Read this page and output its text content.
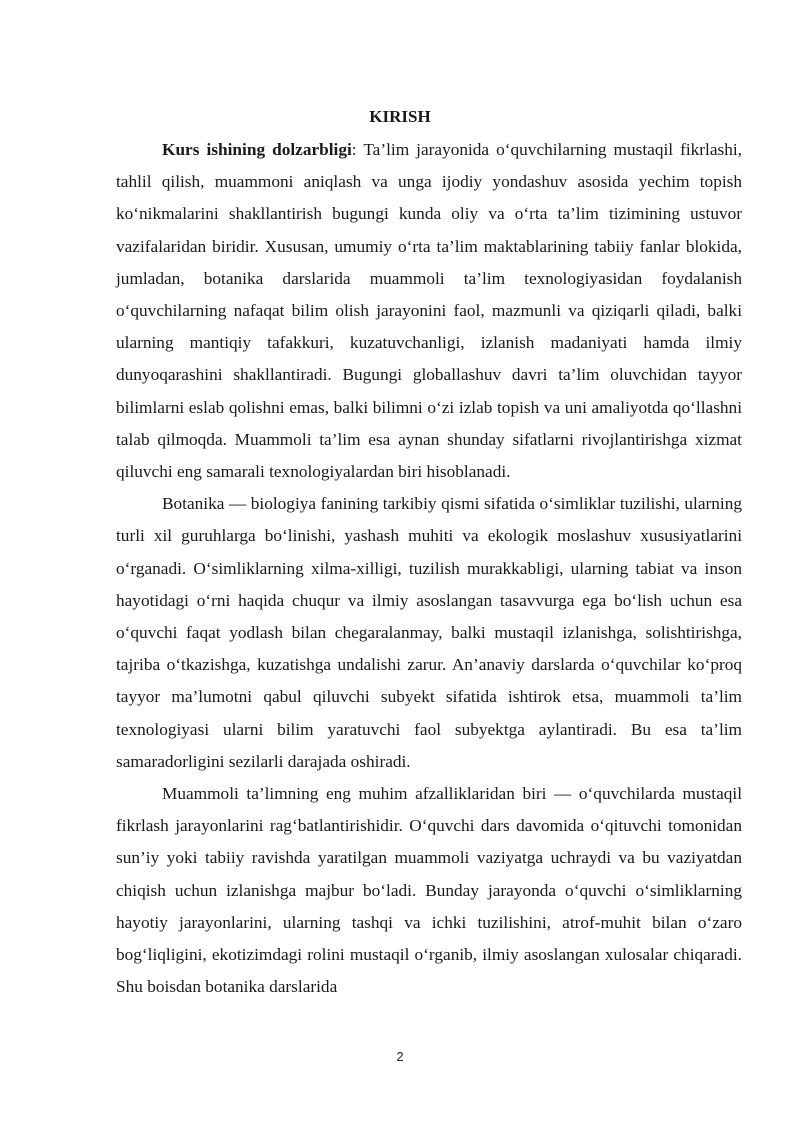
KIRISH

Kurs ishining dolzarbligi: Ta’lim jarayonida o‘quvchilarning mustaqil fikrlashi, tahlil qilish, muammoni aniqlash va unga ijodiy yondashuv asosida yechim topish ko‘nikmalarini shakllantirish bugungi kunda oliy va o‘rta ta’lim tizimining ustuvor vazifalaridan biridir. Xususan, umumiy o‘rta ta’lim maktablarining tabiiy fanlar blokida, jumladan, botanika darslarida muammoli ta’lim texnologiyasidan foydalanish o‘quvchilarning nafaqat bilim olish jarayonini faol, mazmunli va qiziqarli qiladi, balki ularning mantiqiy tafakkuri, kuzatuvchanligi, izlanish madaniyati hamda ilmiy dunyoqarashini shakllantiradi. Bugungi globallashuv davri ta’lim oluvchidan tayyor bilimlarni eslab qolishni emas, balki bilimni o‘zi izlab topish va uni amaliyotda qo‘llashni talab qilmoqda. Muammoli ta’lim esa aynan shunday sifatlarni rivojlantirishga xizmat qiluvchi eng samarali texnologiyalardan biri hisoblanadi.

Botanika — biologiya fanining tarkibiy qismi sifatida o‘simliklar tuzilishi, ularning turli xil guruhlarga bo‘linishi, yashash muhiti va ekologik moslashuv xususiyatlarini o‘rganadi. O‘simliklarning xilma-xilligi, tuzilish murakkabligi, ularning tabiat va inson hayotidagi o‘rni haqida chuqur va ilmiy asoslangan tasavvurga ega bo‘lish uchun esa o‘quvchi faqat yodlash bilan chegaralanmay, balki mustaqil izlanishga, solishtirishga, tajriba o‘tkazishga, kuzatishga undalishi zarur. An’anaviy darslarda o‘quvchilar ko‘proq tayyor ma’lumotni qabul qiluvchi subyekt sifatida ishtirok etsa, muammoli ta’lim texnologiyasi ularni bilim yaratuvchi faol subyektga aylantiradi. Bu esa ta’lim samaradorligini sezilarli darajada oshiradi.

Muammoli ta’limning eng muhim afzalliklaridan biri — o‘quvchilarda mustaqil fikrlash jarayonlarini rag‘batlantirishidir. O‘quvchi dars davomida o‘qituvchi tomonidan sun’iy yoki tabiiy ravishda yaratilgan muammoli vaziyatga uchraydi va bu vaziyatdan chiqish uchun izlanishga majbur bo‘ladi. Bunday jarayonda o‘quvchi o‘simliklarning hayotiy jarayonlarini, ularning tashqi va ichki tuzilishini, atrof-muhit bilan o‘zaro bog‘liqligini, ekotizimdagi rolini mustaqil o‘rganib, ilmiy asoslangan xulosalar chiqaradi. Shu boisdan botanika darslarida

2
